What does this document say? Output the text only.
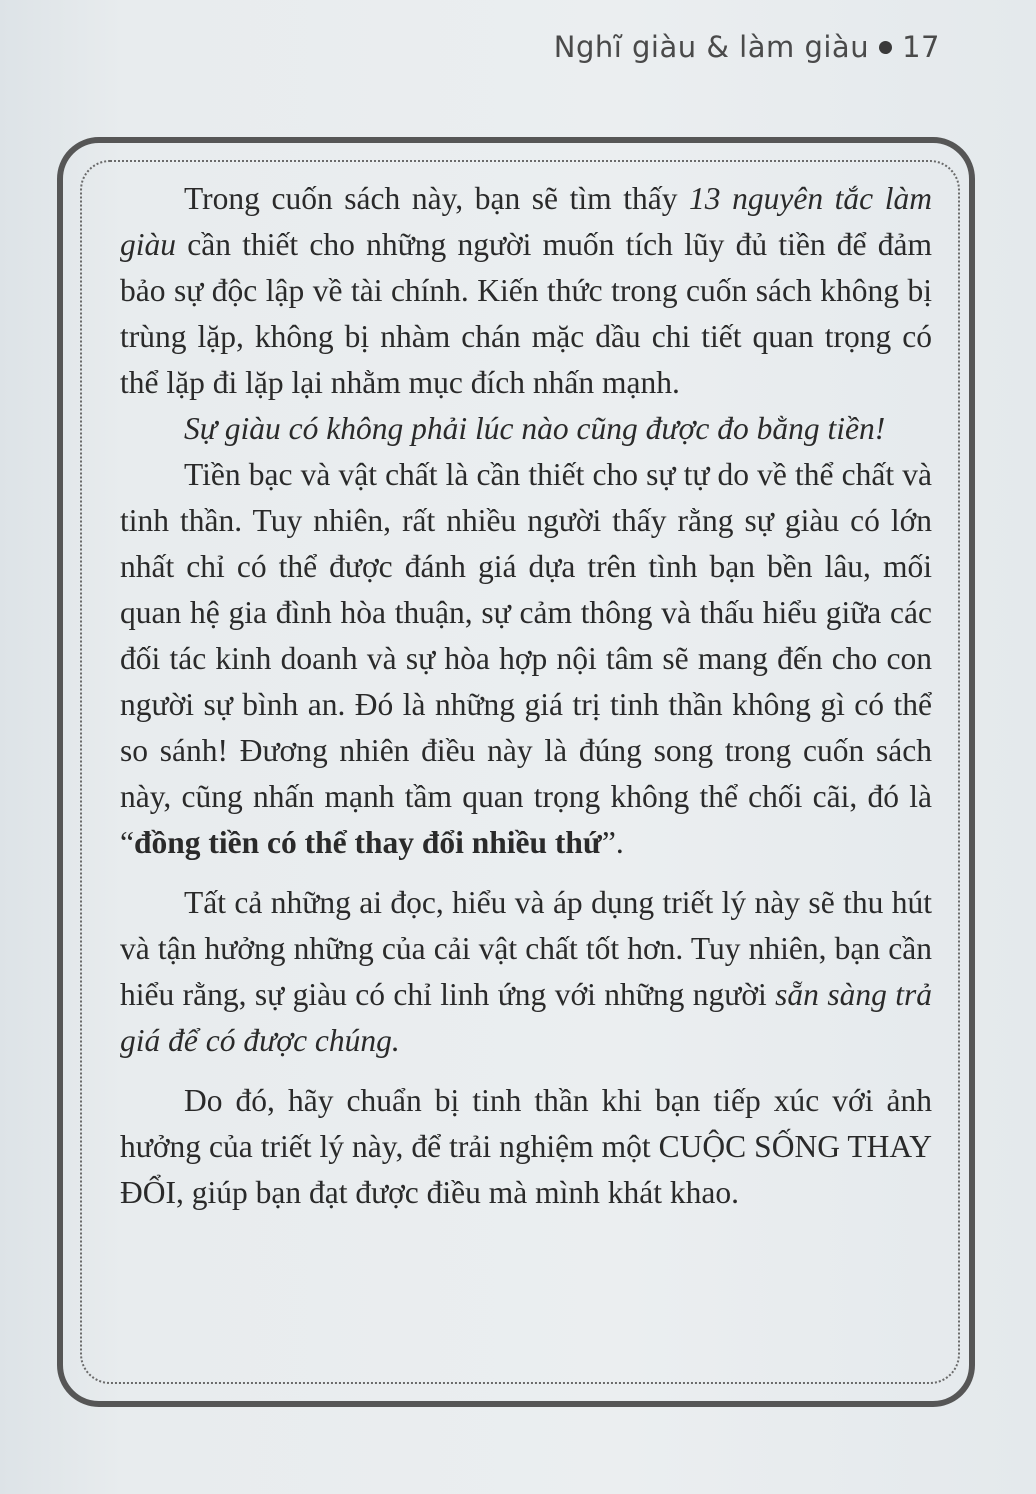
Nghĩ giàu & làm giàu 17

Trong cuốn sách này, bạn sẽ tìm thấy 13 nguyên tắc làm giàu cần thiết cho những người muốn tích lũy đủ tiền để đảm bảo sự độc lập về tài chính. Kiến thức trong cuốn sách không bị trùng lặp, không bị nhàm chán mặc dầu chi tiết quan trọng có thể lặp đi lặp lại nhằm mục đích nhấn mạnh.

Sự giàu có không phải lúc nào cũng được đo bằng tiền!

Tiền bạc và vật chất là cần thiết cho sự tự do về thể chất và tinh thần. Tuy nhiên, rất nhiều người thấy rằng sự giàu có lớn nhất chỉ có thể được đánh giá dựa trên tình bạn bền lâu, mối quan hệ gia đình hòa thuận, sự cảm thông và thấu hiểu giữa các đối tác kinh doanh và sự hòa hợp nội tâm sẽ mang đến cho con người sự bình an. Đó là những giá trị tinh thần không gì có thể so sánh! Đương nhiên điều này là đúng song trong cuốn sách này, cũng nhấn mạnh tầm quan trọng không thể chối cãi, đó là “đồng tiền có thể thay đổi nhiều thứ”.

Tất cả những ai đọc, hiểu và áp dụng triết lý này sẽ thu hút và tận hưởng những của cải vật chất tốt hơn. Tuy nhiên, bạn cần hiểu rằng, sự giàu có chỉ linh ứng với những người sẵn sàng trả giá để có được chúng.

Do đó, hãy chuẩn bị tinh thần khi bạn tiếp xúc với ảnh hưởng của triết lý này, để trải nghiệm một CUỘC SỐNG THAY ĐỔI, giúp bạn đạt được điều mà mình khát khao.
